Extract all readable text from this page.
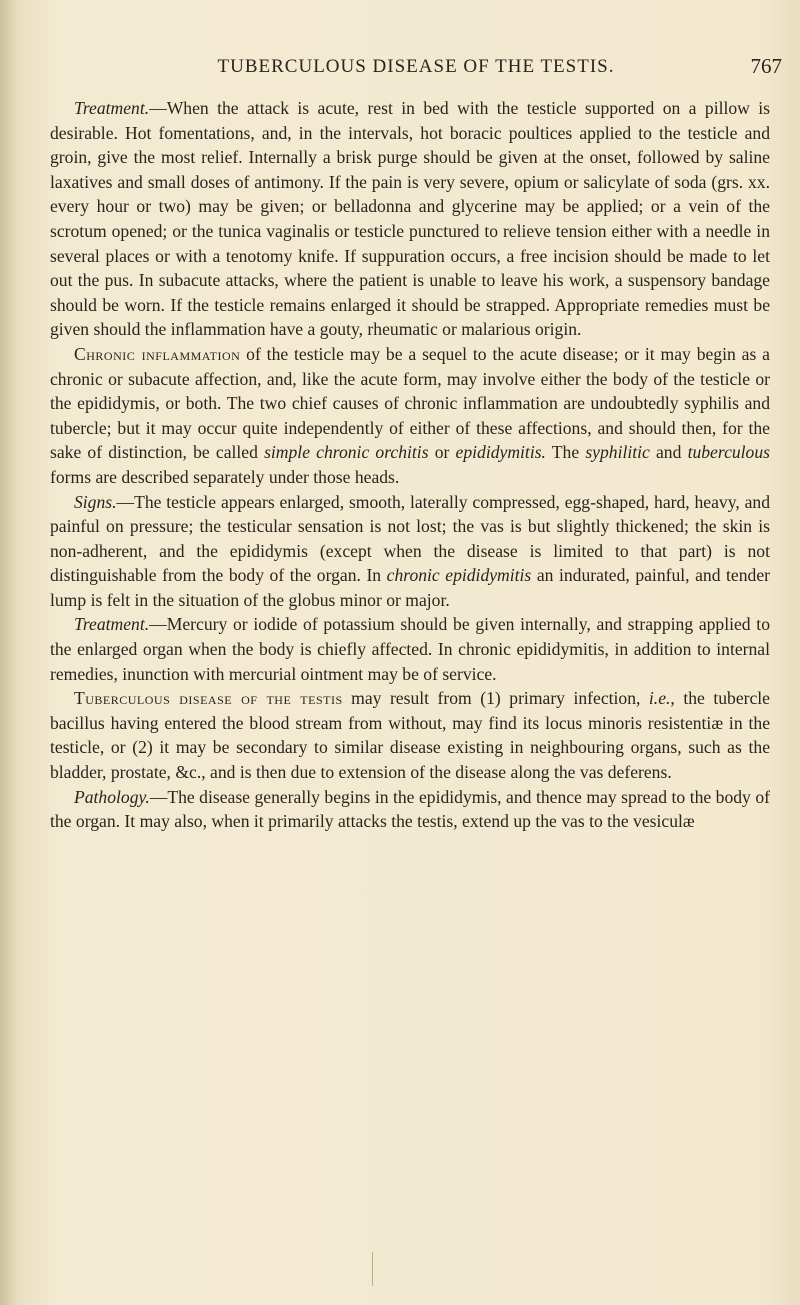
TUBERCULOUS DISEASE OF THE TESTIS.	767

Treatment.—When the attack is acute, rest in bed with the testicle supported on a pillow is desirable. Hot fomentations, and, in the intervals, hot boracic poultices applied to the testicle and groin, give the most relief. Internally a brisk purge should be given at the onset, followed by saline laxatives and small doses of antimony. If the pain is very severe, opium or salicylate of soda (grs. xx. every hour or two) may be given; or belladonna and glycerine may be applied; or a vein of the scrotum opened; or the tunica vaginalis or testicle punctured to relieve tension either with a needle in several places or with a tenotomy knife. If suppuration occurs, a free incision should be made to let out the pus. In subacute attacks, where the patient is unable to leave his work, a suspensory bandage should be worn. If the testicle remains enlarged it should be strapped. Appropriate remedies must be given should the inflammation have a gouty, rheumatic or malarious origin.

Chronic inflammation of the testicle may be a sequel to the acute disease; or it may begin as a chronic or subacute affection, and, like the acute form, may involve either the body of the testicle or the epididymis, or both. The two chief causes of chronic inflammation are undoubtedly syphilis and tubercle; but it may occur quite independently of either of these affections, and should then, for the sake of distinction, be called simple chronic orchitis or epididymitis. The syphilitic and tuberculous forms are described separately under those heads.

Signs.—The testicle appears enlarged, smooth, laterally compressed, egg-shaped, hard, heavy, and painful on pressure; the testicular sensation is not lost; the vas is but slightly thickened; the skin is non-adherent, and the epididymis (except when the disease is limited to that part) is not distinguishable from the body of the organ. In chronic epididymitis an indurated, painful, and tender lump is felt in the situation of the globus minor or major.

Treatment.—Mercury or iodide of potassium should be given internally, and strapping applied to the enlarged organ when the body is chiefly affected. In chronic epididymitis, in addition to internal remedies, inunction with mercurial ointment may be of service.

Tuberculous disease of the testis may result from (1) primary infection, i.e., the tubercle bacillus having entered the blood stream from without, may find its locus minoris resistentiæ in the testicle, or (2) it may be secondary to similar disease existing in neighbouring organs, such as the bladder, prostate, &c., and is then due to extension of the disease along the vas deferens.

Pathology.—The disease generally begins in the epididymis, and thence may spread to the body of the organ. It may also, when it primarily attacks the testis, extend up the vas to the vesiculæ
